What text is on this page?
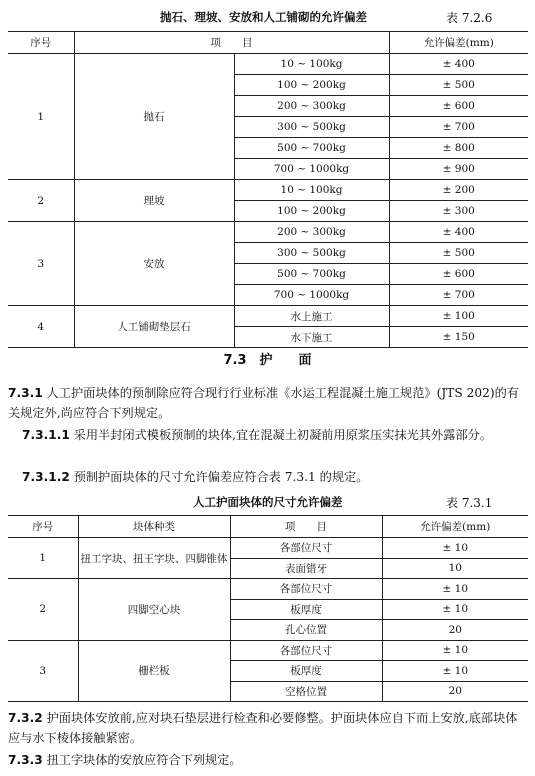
抛石、理坡、安放和人工铺砌的允许偏差	表 7.2.6
序号	项　　目		允许偏差(mm)
1	抛石	10 ~ 100kg	± 400
		100 ~ 200kg	± 500
		200 ~ 300kg	± 600
		300 ~ 500kg	± 700
		500 ~ 700kg	± 800
		700 ~ 1000kg	± 900
2	理坡	10 ~ 100kg	± 200
		100 ~ 200kg	± 300
3	安放	200 ~ 300kg	± 400
		300 ~ 500kg	± 500
		500 ~ 700kg	± 600
		700 ~ 1000kg	± 700
4	人工铺砌垫层石	水上施工	± 100
		水下施工	± 150
7.3　护　　面
7.3.1 人工护面块体的预制除应符合现行行业标准《水运工程混凝土施工规范》(JTS 202)的有关规定外,尚应符合下列规定。
7.3.1.1 采用半封闭式模板预制的块体,宜在混凝土初凝前用原浆压实抹光其外露部分。
7.3.1.2 预制护面块体的尺寸允许偏差应符合表 7.3.1 的规定。
人工护面块体的尺寸允许偏差	表 7.3.1
序号	块体种类	项　　目	允许偏差(mm)
1	扭工字块、扭王字块、四脚锥体	各部位尺寸	± 10
		表面错牙	10
2	四脚空心块	各部位尺寸	± 10
		板厚度	± 10
		孔心位置	20
3	栅栏板	各部位尺寸	± 10
		板厚度	± 10
		空格位置	20
7.3.2 护面块体安放前,应对块石垫层进行检查和必要修整。护面块体应自下而上安放,底部块体应与水下棱体接触紧密。
7.3.3 扭工字块体的安放应符合下列规定。
